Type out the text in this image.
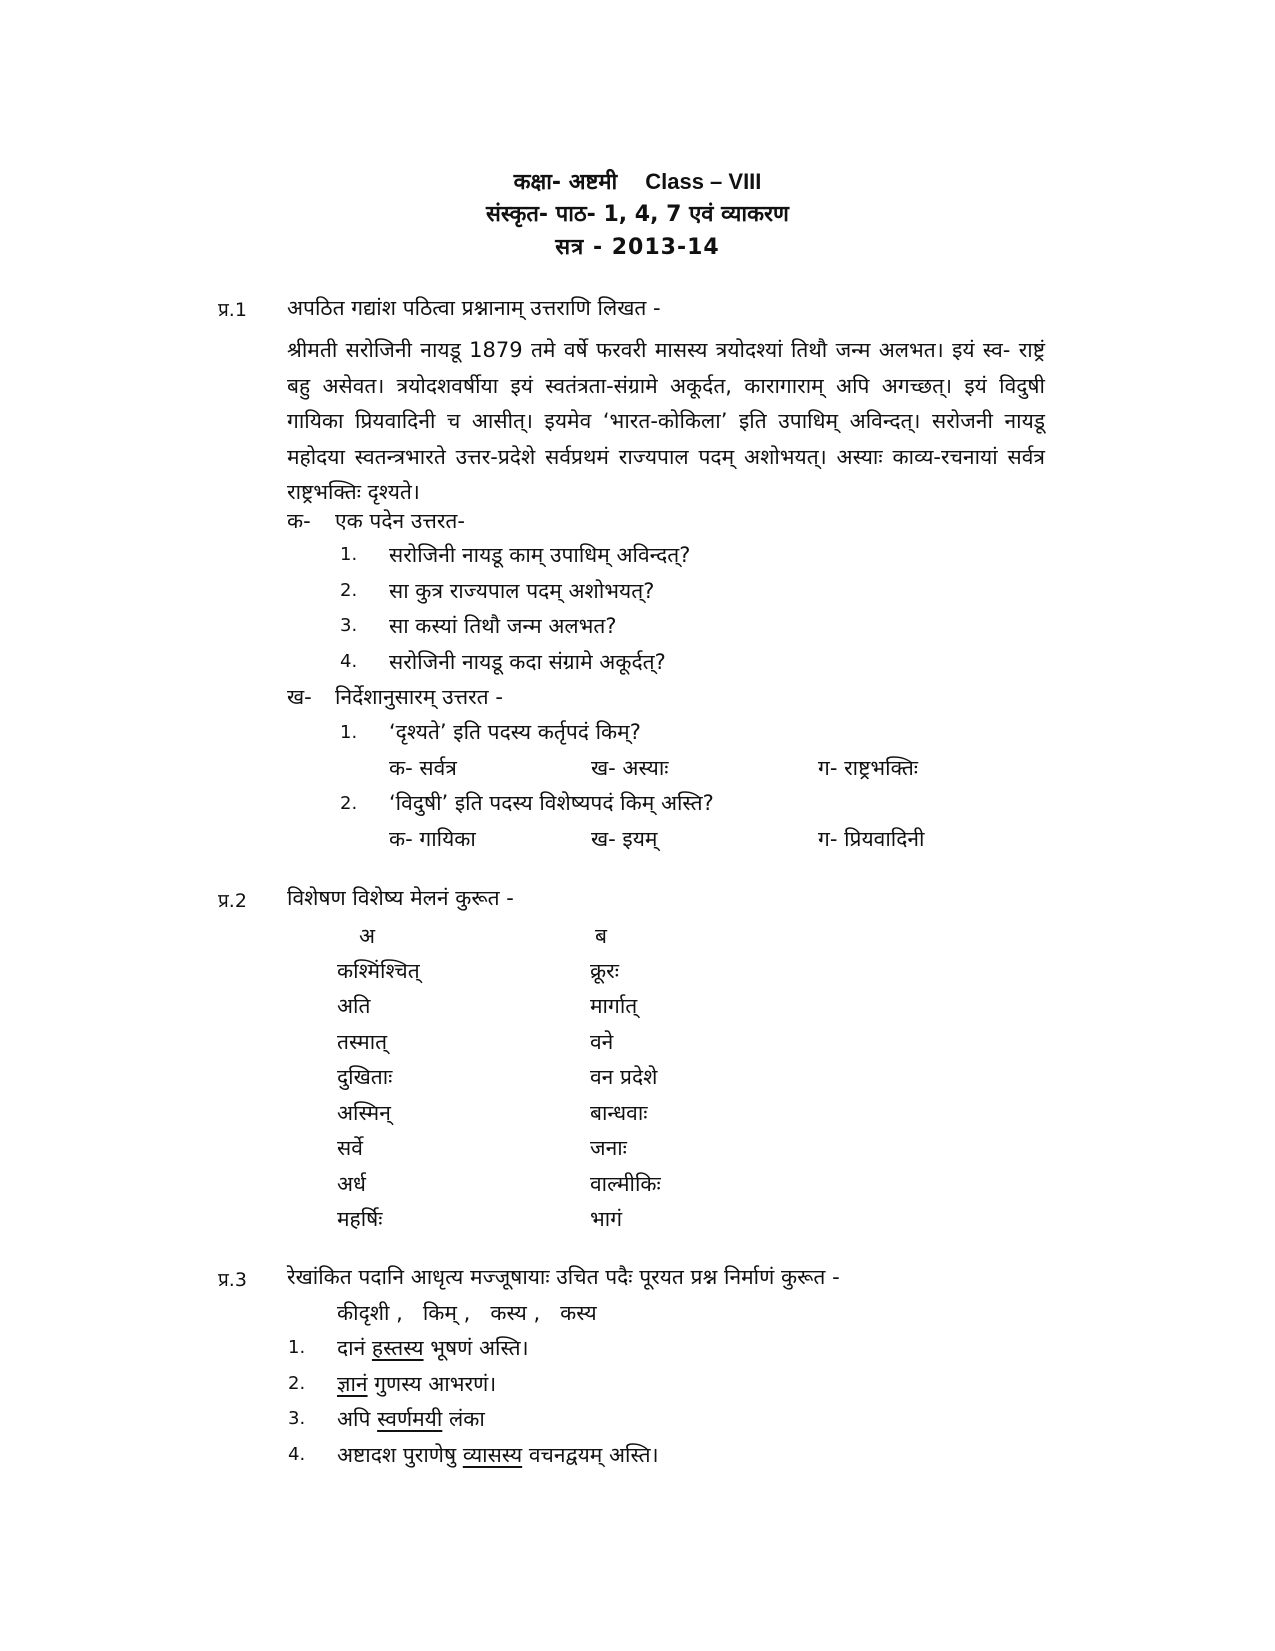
कक्षा- अष्टमी Class – VIII
संस्कृत- पाठ- 1, 4, 7 एवं व्याकरण
सत्र - 2013-14
प्र.1 अपठित गद्यांश पठित्वा प्रश्नानाम् उत्तराणि लिखत -
श्रीमती सरोजिनी नायडू 1879 तमे वर्षे फरवरी मासस्य त्रयोदश्यां तिथौ जन्म अलभत। इयं स्व- राष्ट्रं बहु असेवत। त्रयोदशवर्षीया इयं स्वतंत्रता-संग्रामे अकूर्दत, कारागाराम् अपि अगच्छत्। इयं विदुषी गायिका प्रियवादिनी च आसीत्। इयमेव ‘भारत-कोकिला’ इति उपाधिम् अविन्दत्। सरोजनी नायडू महोदया स्वतन्त्रभारते उत्तर-प्रदेशे सर्वप्रथमं राज्यपाल पदम् अशोभयत्। अस्याः काव्य-रचनायां सर्वत्र राष्ट्रभक्तिः दृश्यते।
क- एक पदेन उत्तरत-
1. सरोजिनी नायडू काम् उपाधिम् अविन्दत्?
2. सा कुत्र राज्यपाल पदम् अशोभयत्?
3. सा कस्यां तिथौ जन्म अलभत?
4. सरोजिनी नायडू कदा संग्रामे अकूर्दत्?
ख- निर्देशानुसारम् उत्तरत -
1. ‘दृश्यते’ इति पदस्य कर्तृपदं किम्?
क- सर्वत्र	ख- अस्याः	ग- राष्ट्रभक्तिः
2. ‘विदुषी’ इति पदस्य विशेष्यपदं किम् अस्ति?
क- गायिका	ख- इयम्	ग- प्रियवादिनी
प्र.2 विशेषण विशेष्य मेलनं कुरूत -
अ	ब
कश्मिंश्चित्	क्रूरः
अति	मार्गात्
तस्मात्	वने
दुखिताः	वन प्रदेशे
अस्मिन्	बान्धवाः
सर्वे	जनाः
अर्ध	वाल्मीकिः
महर्षिः	भागं
प्र.3 रेखांकित पदानि आधृत्य मज्जूषायाः उचित पदैः पूरयत प्रश्न निर्माणं कुरूत -
कीदृशी ,   किम् ,   कस्य ,   कस्य
1. दानं हस्तस्य भूषणं अस्ति।
2. ज्ञानं गुणस्य आभरणं।
3. अपि स्वर्णमयी लंका
4. अष्टादश पुराणेषु व्यासस्य वचनद्वयम् अस्ति।
